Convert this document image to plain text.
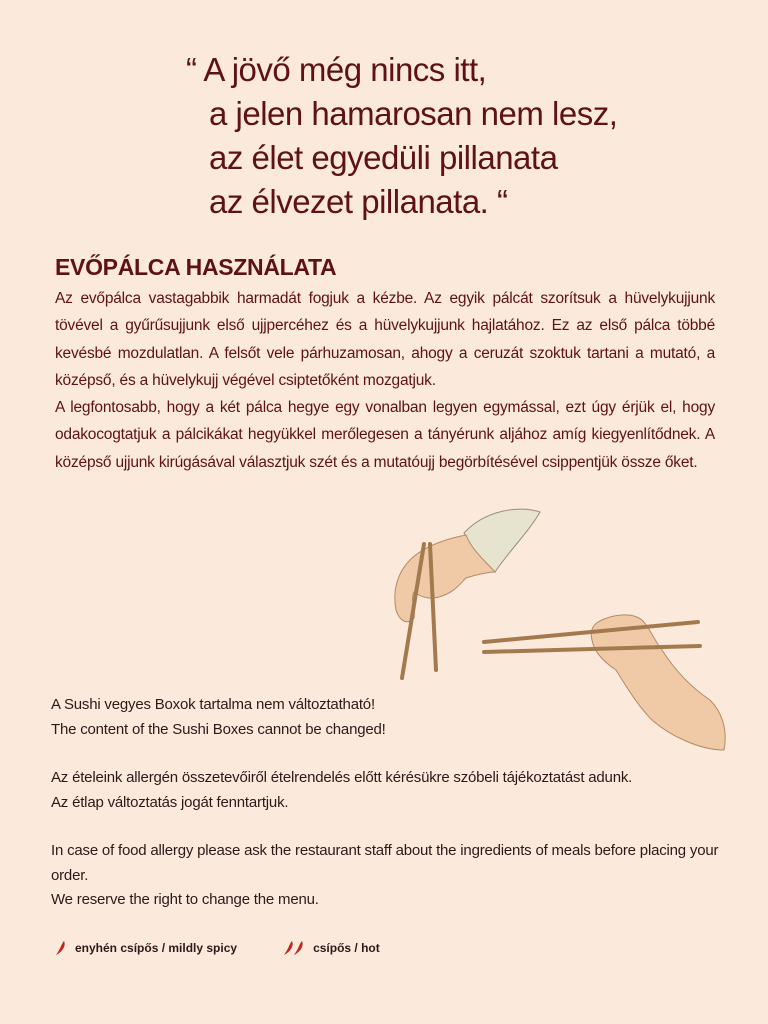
“ A jövő még nincs itt,
a jelen hamarosan nem lesz,
az élet egyedüli pillanata
az élvezet pillanata. “
EVŐPÁLCA HASZNÁLATA

Az evőpálca vastagabbik harmadát fogjuk a kézbe. Az egyik pálcát szorítsuk a hüvelykujjunk tövével a gyűrűsujjunk első ujjpercéhez és a hüvelykujjunk hajlatához. Ez az első pálca többé kevésbé mozdulatlan. A felsőt vele párhuzamosan, ahogy a ceruzát szoktuk tartani a mutató, a középső, és a hüvelykujj végével csiptetőként mozgatjuk.

A legfontosabb, hogy a két pálca hegye egy vonalban legyen egymással, ezt úgy érjük el, hogy odakocogtatjuk a pálcikákat hegyükkel merőlegesen a tányérunk aljához amíg kiegyenlítődnek. A középső ujjunk kirúgásával választjuk szét és a mutatóujj begörbítésével csippentjük össze őket.

A Sushi vegyes Boxok tartalma nem változtatható!

The content of the Sushi Boxes cannot be changed!

Az ételeink allergén összetevőiről ételrendelés előtt kérésükre szóbeli tájékoztatást adunk.

Az étlap változtatás jogát fenntartjuk.

In case of food allergy please ask the restaurant staff about the ingredients of meals before placing your order.

We reserve the right to change the menu.

enyhén csípős / mildly spicy	csípős / hot
